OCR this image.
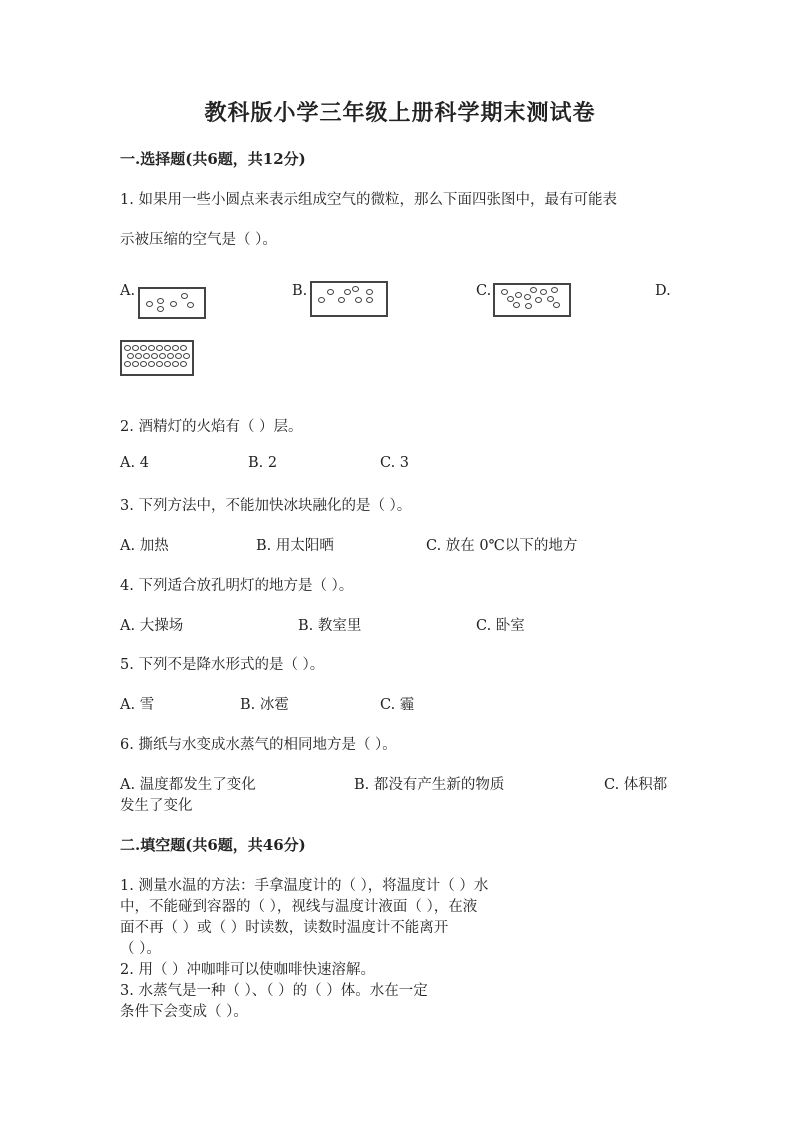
教科版小学三年级上册科学期末测试卷
一.选择题(共6题，共12分)
1. 如果用一些小圆点来表示组成空气的微粒，那么下面四张图中，最有可能表
示被压缩的空气是（ ）。
A.	B.	C.	D.
2. 酒精灯的火焰有（ ）层。
A. 4	B. 2	C. 3
3. 下列方法中，不能加快冰块融化的是（ ）。
A. 加热	B. 用太阳晒	C. 放在 0℃以下的地方
4. 下列适合放孔明灯的地方是（ ）。
A. 大操场	B. 教室里	C. 卧室
5. 下列不是降水形式的是（ ）。
A. 雪	B. 冰雹	C. 霾
6. 撕纸与水变成水蒸气的相同地方是（ ）。
A. 温度都发生了变化	B. 都没有产生新的物质	C. 体积都
发生了变化
二.填空题(共6题，共46分)
1. 测量水温的方法：手拿温度计的（ ），将温度计（ ）水
中，不能碰到容器的（ ），视线与温度计液面（ ），在液
面不再（ ）或（ ）时读数，读数时温度计不能离开
（ ）。
2. 用（ ）冲咖啡可以使咖啡快速溶解。
3. 水蒸气是一种（ ）、（ ）的（ ）体。水在一定
条件下会变成（ ）。
